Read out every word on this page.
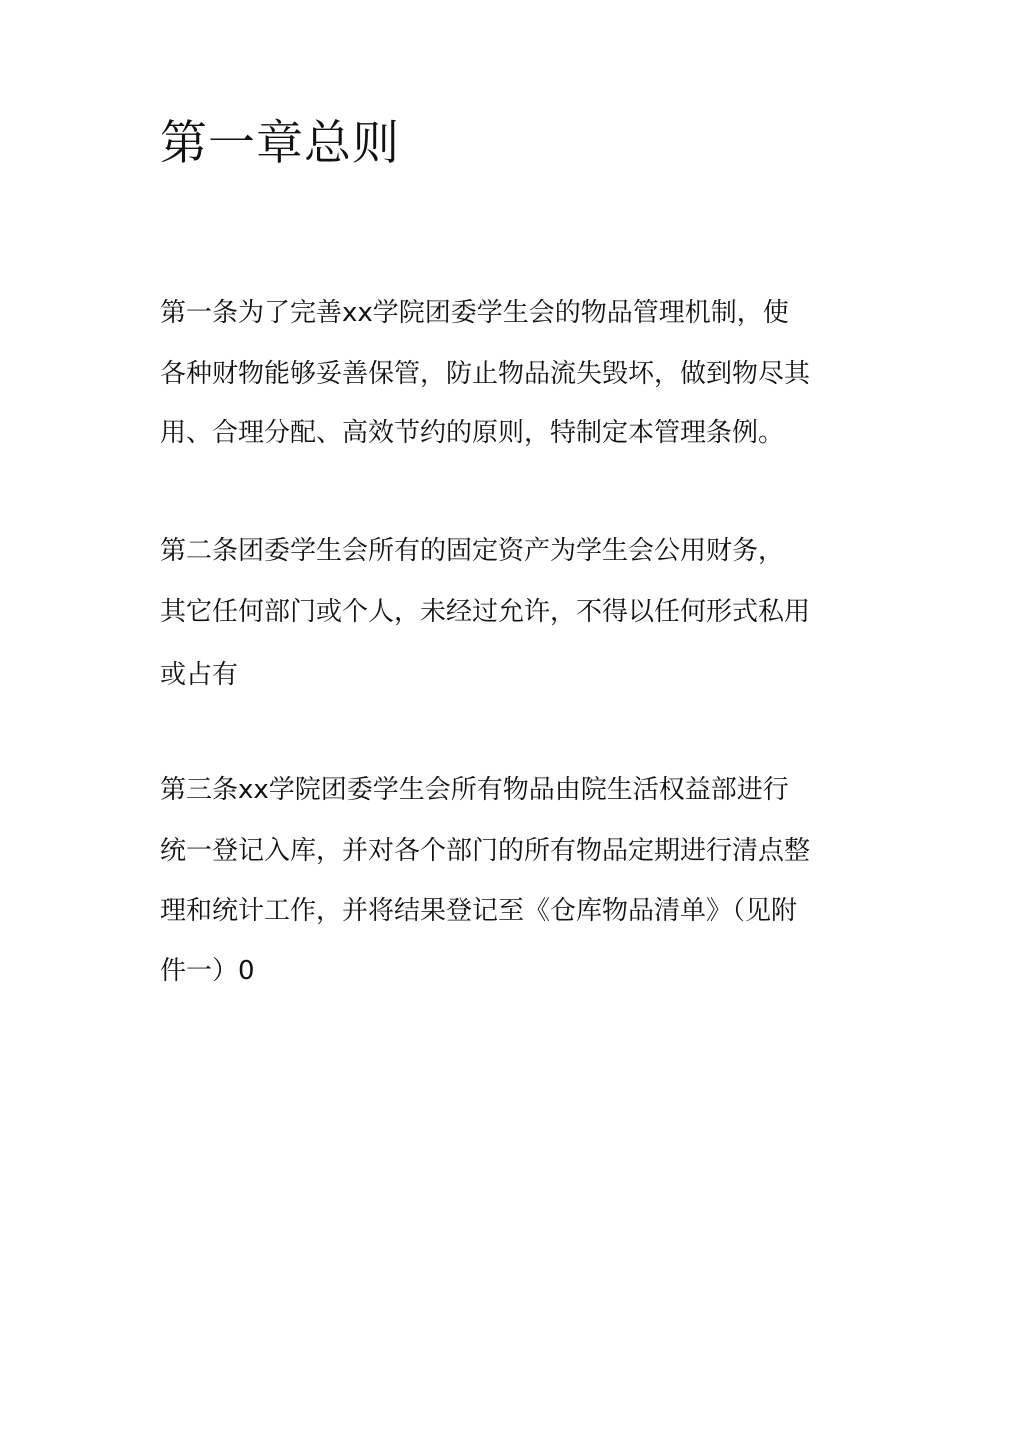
第一章总则

第一条为了完善xx学院团委学生会的物品管理机制，使

各种财物能够妥善保管，防止物品流失毁坏，做到物尽其

用、合理分配、高效节约的原则，特制定本管理条例。

第二条团委学生会所有的固定资产为学生会公用财务，

其它任何部门或个人，未经过允许，不得以任何形式私用

或占有

第三条xx学院团委学生会所有物品由院生活权益部进行

统一登记入库，并对各个部门的所有物品定期进行清点整

理和统计工作，并将结果登记至《仓库物品清单》（见附

件一）0
